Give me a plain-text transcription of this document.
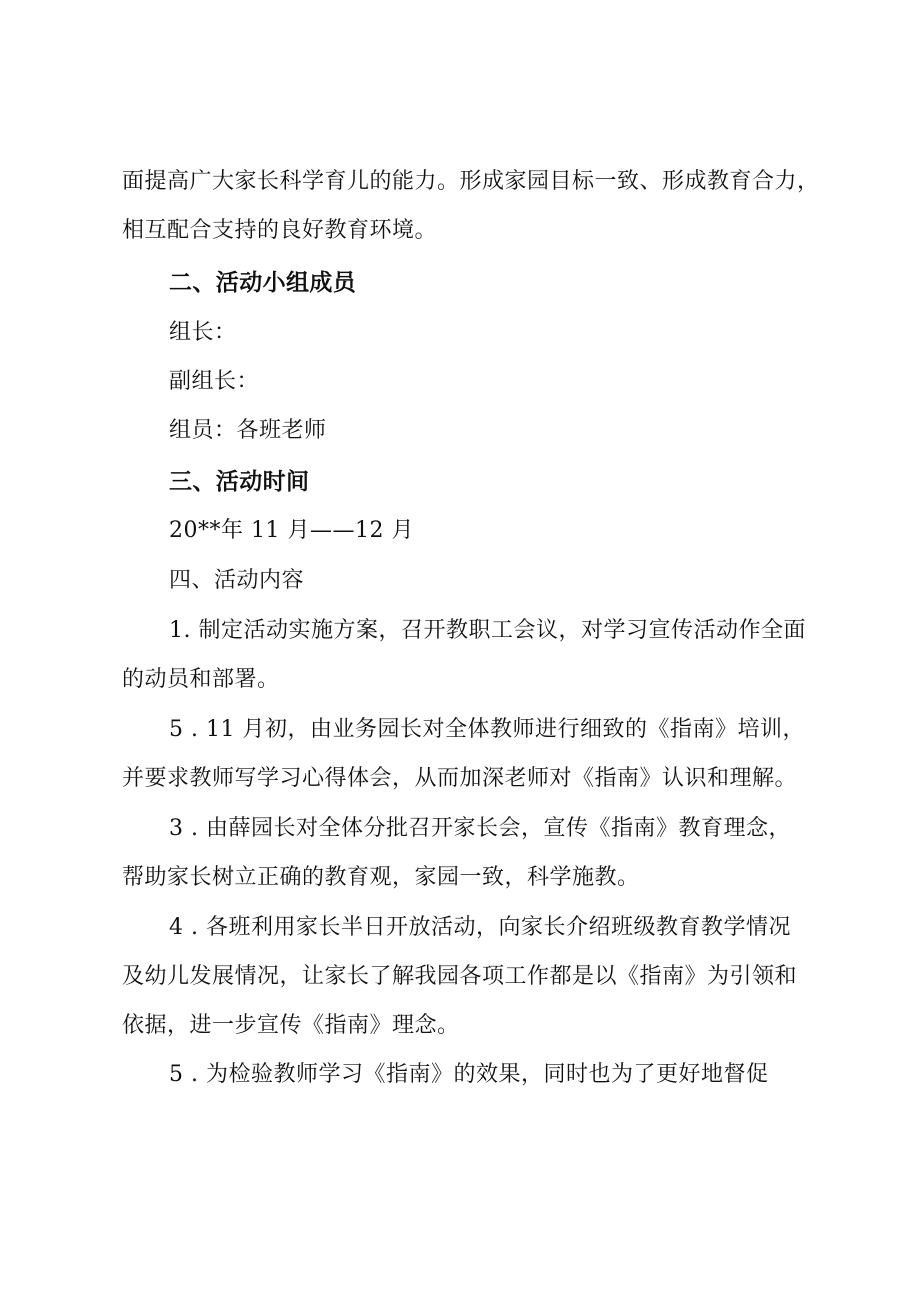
面提高广大家长科学育儿的能力。形成家园目标一致、形成教育合力，
相互配合支持的良好教育环境。
二、活动小组成员
组长：
副组长：
组员：各班老师
三、活动时间
20**年 11 月——12 月
四、活动内容
1. 制定活动实施方案，召开教职工会议，对学习宣传活动作全面
的动员和部署。
5 . 11 月初，由业务园长对全体教师进行细致的《指南》培训，
并要求教师写学习心得体会，从而加深老师对《指南》认识和理解。
3 . 由薛园长对全体分批召开家长会，宣传《指南》教育理念，
帮助家长树立正确的教育观，家园一致，科学施教。
4 . 各班利用家长半日开放活动，向家长介绍班级教育教学情况
及幼儿发展情况，让家长了解我园各项工作都是以《指南》为引领和
依据，进一步宣传《指南》理念。
5 . 为检验教师学习《指南》的效果，同时也为了更好地督促
